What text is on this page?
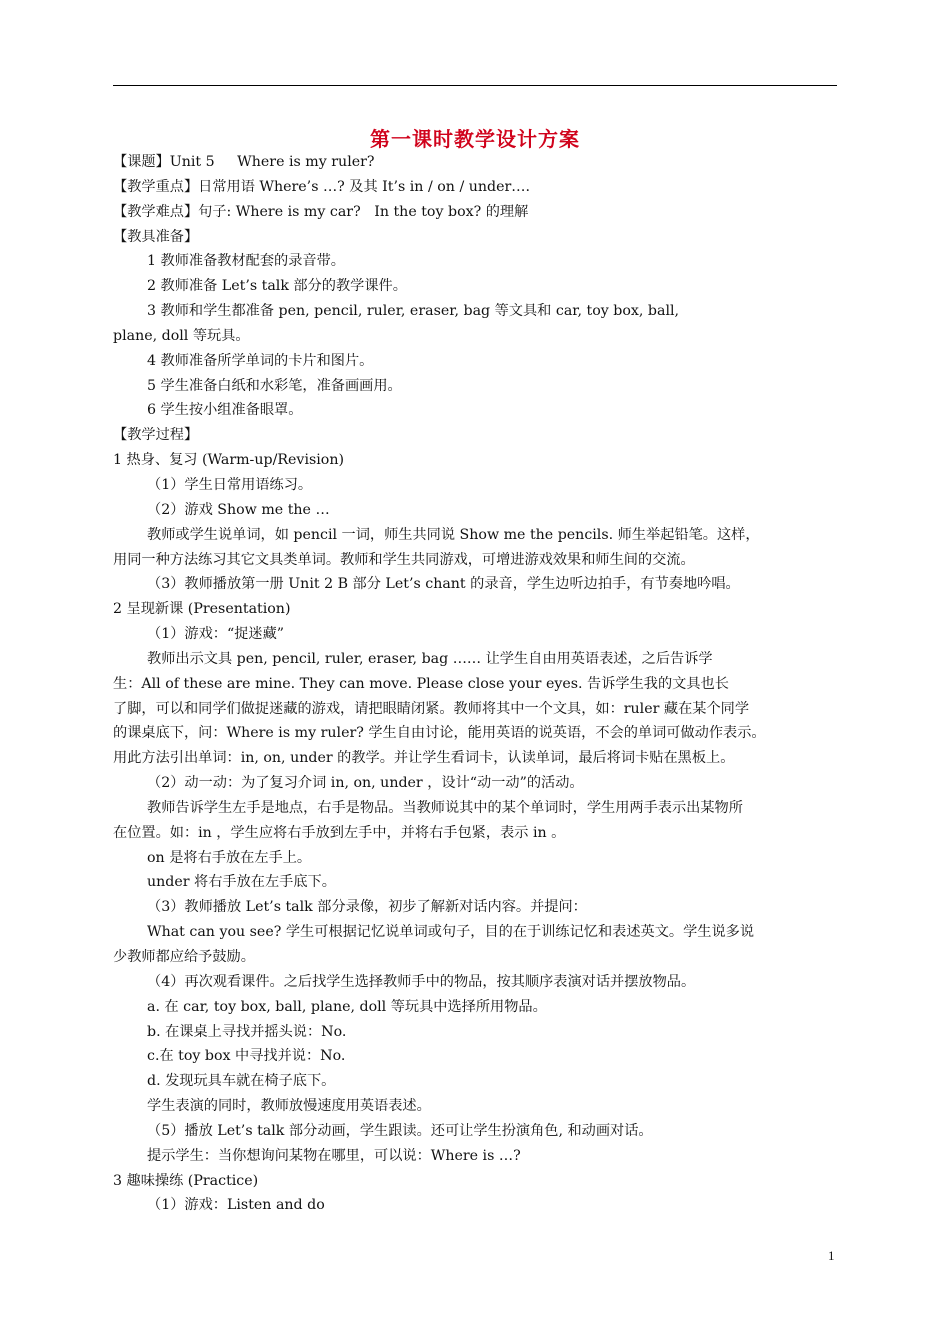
第一课时教学设计方案

【课题】Unit 5     Where is my ruler?

【教学重点】日常用语 Where’s …? 及其 It’s in / on / under….

【教学难点】句子: Where is my car?   In the toy box? 的理解

【教具准备】

1 教师准备教材配套的录音带。

2 教师准备 Let’s talk 部分的教学课件。

3 教师和学生都准备 pen, pencil, ruler, eraser, bag 等文具和 car, toy box, ball,

plane, doll 等玩具。

4 教师准备所学单词的卡片和图片。

5 学生准备白纸和水彩笔，准备画画用。

6 学生按小组准备眼罩。

【教学过程】

1 热身、复习 (Warm-up/Revision)

（1）学生日常用语练习。

（2）游戏 Show me the …

教师或学生说单词，如 pencil 一词，师生共同说 Show me the pencils. 师生举起铅笔。这样，

用同一种方法练习其它文具类单词。教师和学生共同游戏，可增进游戏效果和师生间的交流。

（3）教师播放第一册 Unit 2 B 部分 Let’s chant 的录音，学生边听边拍手，有节奏地吟唱。

2 呈现新课 (Presentation)

（1）游戏：“捉迷藏”

教师出示文具 pen, pencil, ruler, eraser, bag …… 让学生自由用英语表述，之后告诉学

生：All of these are mine. They can move. Please close your eyes. 告诉学生我的文具也长

了脚，可以和同学们做捉迷藏的游戏，请把眼睛闭紧。教师将其中一个文具，如：ruler 藏在某个同学

的课桌底下，问：Where is my ruler? 学生自由讨论，能用英语的说英语，不会的单词可做动作表示。

用此方法引出单词：in, on, under 的教学。并让学生看词卡，认读单词，最后将词卡贴在黑板上。

（2）动一动：为了复习介词 in, on, under ，设计“动一动”的活动。

教师告诉学生左手是地点，右手是物品。当教师说其中的某个单词时，学生用两手表示出某物所

在位置。如：in ，学生应将右手放到左手中，并将右手包紧，表示 in 。

on 是将右手放在左手上。

under 将右手放在左手底下。

（3）教师播放 Let’s talk 部分录像，初步了解新对话内容。并提问：

What can you see? 学生可根据记忆说单词或句子，目的在于训练记忆和表述英文。学生说多说

少教师都应给予鼓励。

（4）再次观看课件。之后找学生选择教师手中的物品，按其顺序表演对话并摆放物品。

a. 在 car, toy box, ball, plane, doll 等玩具中选择所用物品。

b. 在课桌上寻找并摇头说：No.

c.在 toy box 中寻找并说：No.

d. 发现玩具车就在椅子底下。

学生表演的同时，教师放慢速度用英语表述。

（5）播放 Let’s talk 部分动画，学生跟读。还可让学生扮演角色, 和动画对话。

提示学生：当你想询问某物在哪里，可以说：Where is …?

3 趣味操练 (Practice)

（1）游戏：Listen and do

1
